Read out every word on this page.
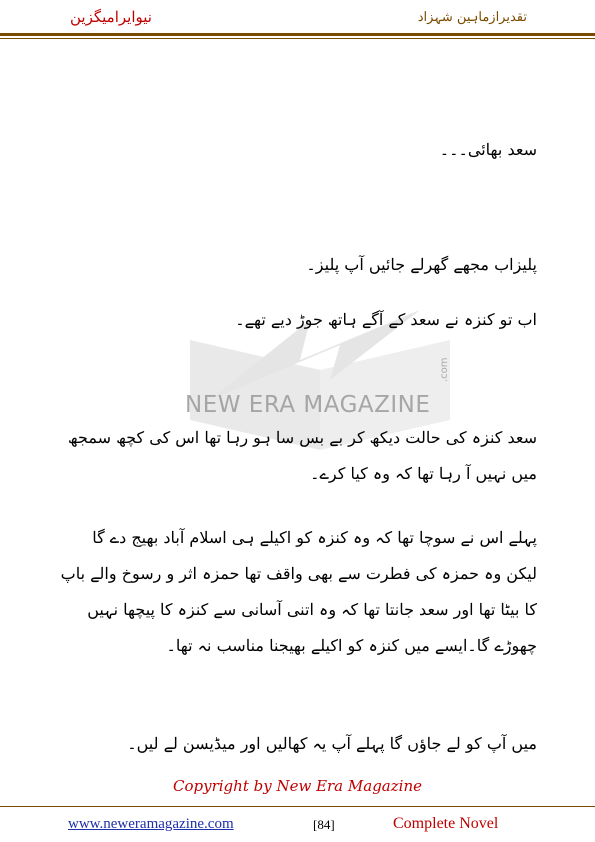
نیوایرامیگزین	تقدیرازماہین شہزاد
NEW ERA MAGAZINE
.com
سعد بھائی۔۔۔
پلیزاب مجھے گھرلے جائیں آپ پلیز۔
اب تو کنزہ نے سعد کے آگے ہاتھ جوڑ دیے تھے۔
سعد کنزہ کی حالت دیکھ کر بے بس سا ہو رہا تھا اس کی کچھ سمجھ میں نہیں آ رہا تھا کہ وہ کیا کرے۔
پہلے اس نے سوچا تھا کہ وہ کنزہ کو اکیلے ہی اسلام آباد بھیج دے گا لیکن وہ حمزہ کی فطرت سے بھی واقف تھا حمزہ اثر و رسوخ والے باپ کا بیٹا تھا اور سعد جانتا تھا کہ وہ اتنی آسانی سے کنزہ کا پیچھا نہیں چھوڑے گا۔ایسے میں کنزہ کو اکیلے بھیجنا مناسب نہ تھا۔
میں آپ کو لے جاؤں گا پہلے آپ یہ کھالیں اور میڈیسن لے لیں۔
Copyright by New Era Magazine
www.neweramagazine.com	[84]	Complete Novel
